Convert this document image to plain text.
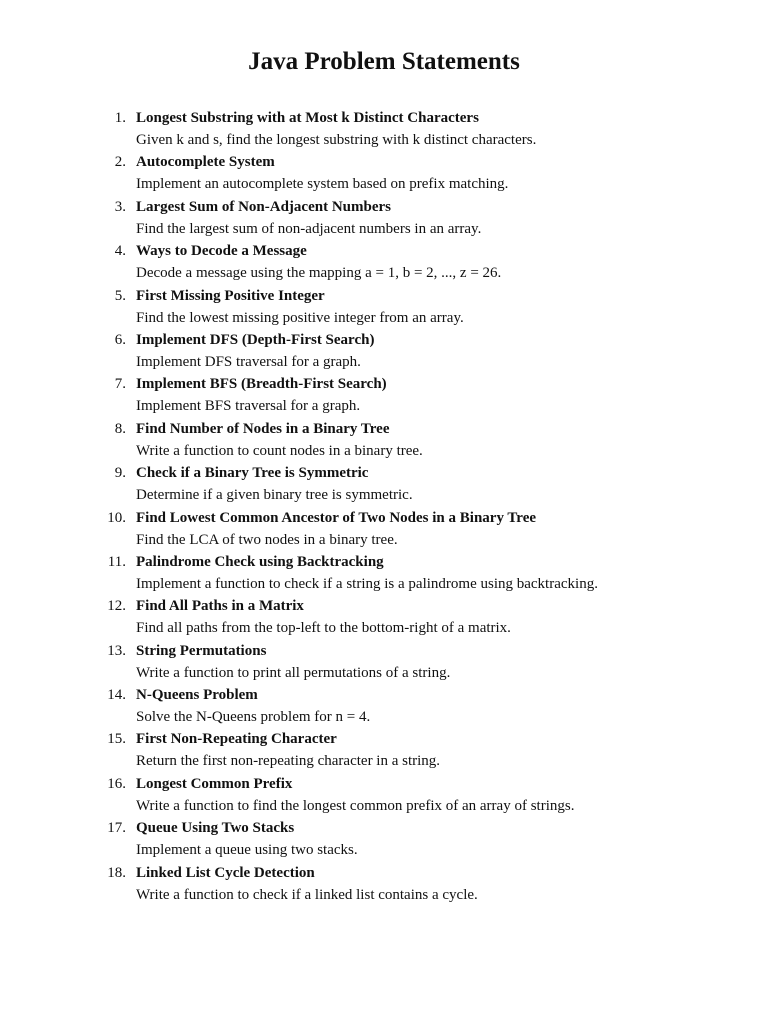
Java Problem Statements
1. Longest Substring with at Most k Distinct Characters
Given k and s, find the longest substring with k distinct characters.
2. Autocomplete System
Implement an autocomplete system based on prefix matching.
3. Largest Sum of Non-Adjacent Numbers
Find the largest sum of non-adjacent numbers in an array.
4. Ways to Decode a Message
Decode a message using the mapping a = 1, b = 2, ..., z = 26.
5. First Missing Positive Integer
Find the lowest missing positive integer from an array.
6. Implement DFS (Depth-First Search)
Implement DFS traversal for a graph.
7. Implement BFS (Breadth-First Search)
Implement BFS traversal for a graph.
8. Find Number of Nodes in a Binary Tree
Write a function to count nodes in a binary tree.
9. Check if a Binary Tree is Symmetric
Determine if a given binary tree is symmetric.
10. Find Lowest Common Ancestor of Two Nodes in a Binary Tree
Find the LCA of two nodes in a binary tree.
11. Palindrome Check using Backtracking
Implement a function to check if a string is a palindrome using backtracking.
12. Find All Paths in a Matrix
Find all paths from the top-left to the bottom-right of a matrix.
13. String Permutations
Write a function to print all permutations of a string.
14. N-Queens Problem
Solve the N-Queens problem for n = 4.
15. First Non-Repeating Character
Return the first non-repeating character in a string.
16. Longest Common Prefix
Write a function to find the longest common prefix of an array of strings.
17. Queue Using Two Stacks
Implement a queue using two stacks.
18. Linked List Cycle Detection
Write a function to check if a linked list contains a cycle.
